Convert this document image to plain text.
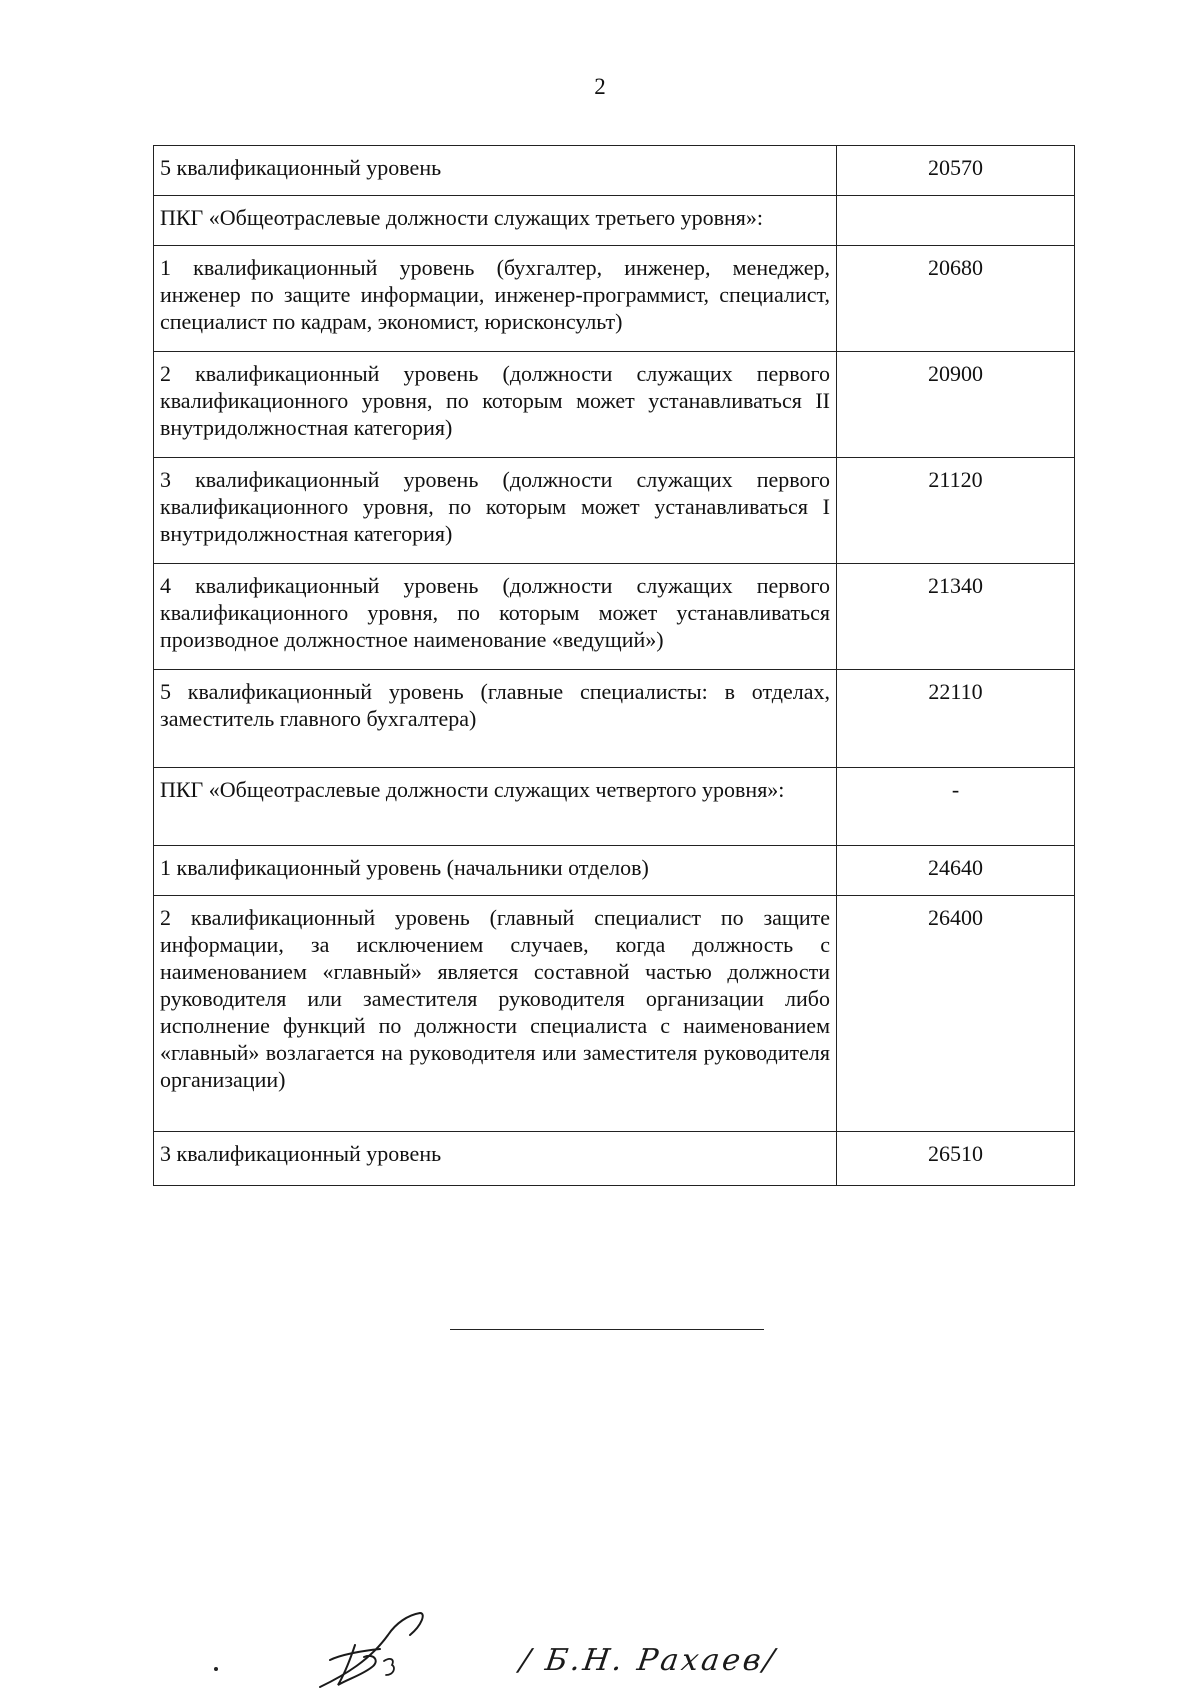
2
5 квалификационный уровень	20570
ПКГ «Общеотраслевые должности служащих третьего уровня»:	
1 квалификационный уровень (бухгалтер, инженер, менеджер, инженер по защите информации, инженер-программист, специалист, специалист по кадрам, экономист, юрисконсульт)	20680
2 квалификационный уровень (должности служащих первого квалификационного уровня, по которым может устанавливаться II внутридолжностная категория)	20900
3 квалификационный уровень (должности служащих первого квалификационного уровня, по которым может устанавливаться I внутридолжностная категория)	21120
4 квалификационный уровень (должности служащих первого квалификационного уровня, по которым может устанавливаться производное должностное наименование «ведущий»)	21340
5 квалификационный уровень (главные специалисты: в отделах, заместитель главного бухгалтера)	22110
ПКГ «Общеотраслевые должности служащих четвертого уровня»:	-
1 квалификационный уровень (начальники отделов)	24640
2 квалификационный уровень (главный специалист по защите информации, за исключением случаев, когда должность с наименованием «главный» является составной частью должности руководителя или заместителя руководителя организации либо исполнение функций по должности специалиста с наименованием «главный» возлагается на руководителя или заместителя руководителя организации)	26400
3 квалификационный уровень	26510
/ Б.Н. Рахаев/
